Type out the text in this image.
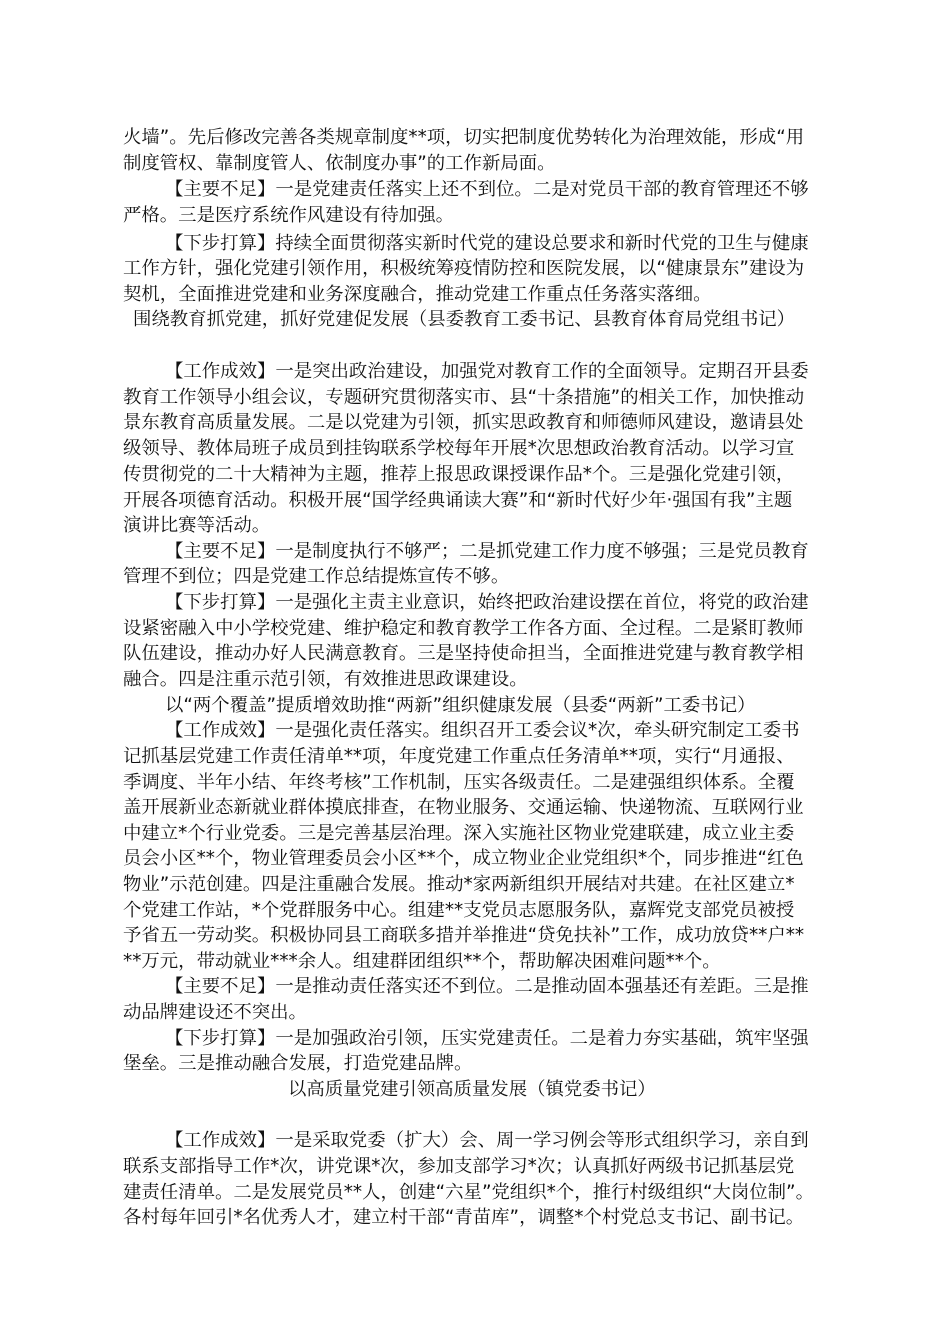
火墙”。先后修改完善各类规章制度**项，切实把制度优势转化为治理效能，形成“用
制度管权、靠制度管人、依制度办事”的工作新局面。
【主要不足】一是党建责任落实上还不到位。二是对党员干部的教育管理还不够
严格。三是医疗系统作风建设有待加强。
【下步打算】持续全面贯彻落实新时代党的建设总要求和新时代党的卫生与健康
工作方针，强化党建引领作用，积极统筹疫情防控和医院发展，以“健康景东”建设为
契机，全面推进党建和业务深度融合，推动党建工作重点任务落实落细。
围绕教育抓党建，抓好党建促发展（县委教育工委书记、县教育体育局党组书记）
【工作成效】一是突出政治建设，加强党对教育工作的全面领导。定期召开县委
教育工作领导小组会议，专题研究贯彻落实市、县“十条措施”的相关工作，加快推动
景东教育高质量发展。二是以党建为引领，抓实思政教育和师德师风建设，邀请县处
级领导、教体局班子成员到挂钩联系学校每年开展*次思想政治教育活动。以学习宣
传贯彻党的二十大精神为主题，推荐上报思政课授课作品*个。三是强化党建引领，
开展各项德育活动。积极开展“国学经典诵读大赛”和“新时代好少年·强国有我”主题
演讲比赛等活动。
【主要不足】一是制度执行不够严；二是抓党建工作力度不够强；三是党员教育
管理不到位；四是党建工作总结提炼宣传不够。
【下步打算】一是强化主责主业意识，始终把政治建设摆在首位，将党的政治建
设紧密融入中小学校党建、维护稳定和教育教学工作各方面、全过程。二是紧盯教师
队伍建设，推动办好人民满意教育。三是坚持使命担当，全面推进党建与教育教学相
融合。四是注重示范引领，有效推进思政课建设。
以“两个覆盖”提质增效助推“两新”组织健康发展（县委“两新”工委书记）
【工作成效】一是强化责任落实。组织召开工委会议*次，牵头研究制定工委书
记抓基层党建工作责任清单**项，年度党建工作重点任务清单**项，实行“月通报、
季调度、半年小结、年终考核”工作机制，压实各级责任。二是建强组织体系。全覆
盖开展新业态新就业群体摸底排查，在物业服务、交通运输、快递物流、互联网行业
中建立*个行业党委。三是完善基层治理。深入实施社区物业党建联建，成立业主委
员会小区**个，物业管理委员会小区**个，成立物业企业党组织*个，同步推进“红色
物业”示范创建。四是注重融合发展。推动*家两新组织开展结对共建。在社区建立*
个党建工作站，*个党群服务中心。组建**支党员志愿服务队，嘉辉党支部党员被授
予省五一劳动奖。积极协同县工商联多措并举推进“贷免扶补”工作，成功放贷**户**
**万元，带动就业***余人。组建群团组织**个，帮助解决困难问题**个。
【主要不足】一是推动责任落实还不到位。二是推动固本强基还有差距。三是推
动品牌建设还不突出。
【下步打算】一是加强政治引领，压实党建责任。二是着力夯实基础，筑牢坚强
堡垒。三是推动融合发展，打造党建品牌。
以高质量党建引领高质量发展（镇党委书记）
【工作成效】一是采取党委（扩大）会、周一学习例会等形式组织学习，亲自到
联系支部指导工作*次，讲党课*次，参加支部学习*次；认真抓好两级书记抓基层党
建责任清单。二是发展党员**人，创建“六星”党组织*个，推行村级组织“大岗位制”。
各村每年回引*名优秀人才，建立村干部“青苗库”，调整*个村党总支书记、副书记。
